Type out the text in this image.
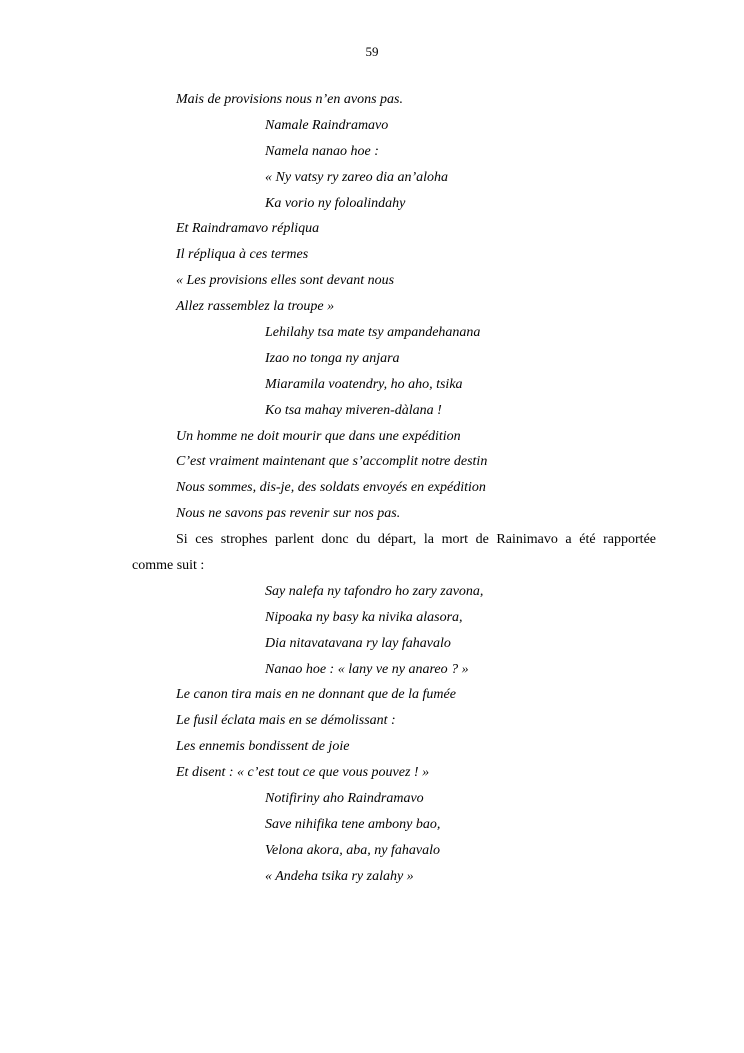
59
Mais de provisions nous n’en avons pas.
Namale Raindramavo
Namela nanao hoe :
« Ny vatsy ry zareo dia an’aloha
Ka vorio ny foloalindahy
Et Raindramavo répliqua
Il répliqua à ces termes
« Les provisions elles sont devant nous
Allez rassemblez la troupe »
Lehilahy tsa mate tsy ampandehanana
Izao no tonga ny anjara
Miaramila voatendry, ho aho, tsika
Ko tsa mahay miveren-dàlana !
Un homme ne doit mourir que dans une expédition
C’est vraiment maintenant que s’accomplit notre destin
Nous sommes, dis-je, des soldats envoyés en expédition
Nous ne savons pas revenir sur nos pas.
Si ces strophes parlent donc du départ, la mort de Rainimavo a été rapportée
comme suit :
Say nalefa ny tafondro ho zary zavona,
Nipoaka ny basy ka nivika alasora,
Dia nitavatavana ry lay fahavalo
Nanao hoe : « lany ve ny anareo ? »
Le canon tira mais en ne donnant que de la fumée
Le fusil éclata mais en se démolissant :
Les ennemis bondissent de joie
Et disent : « c’est tout ce que vous pouvez ! »
Notifiriny aho Raindramavo
Save nihifika tene ambony bao,
Velona akora, aba, ny fahavalo
« Andeha tsika ry zalahy »
